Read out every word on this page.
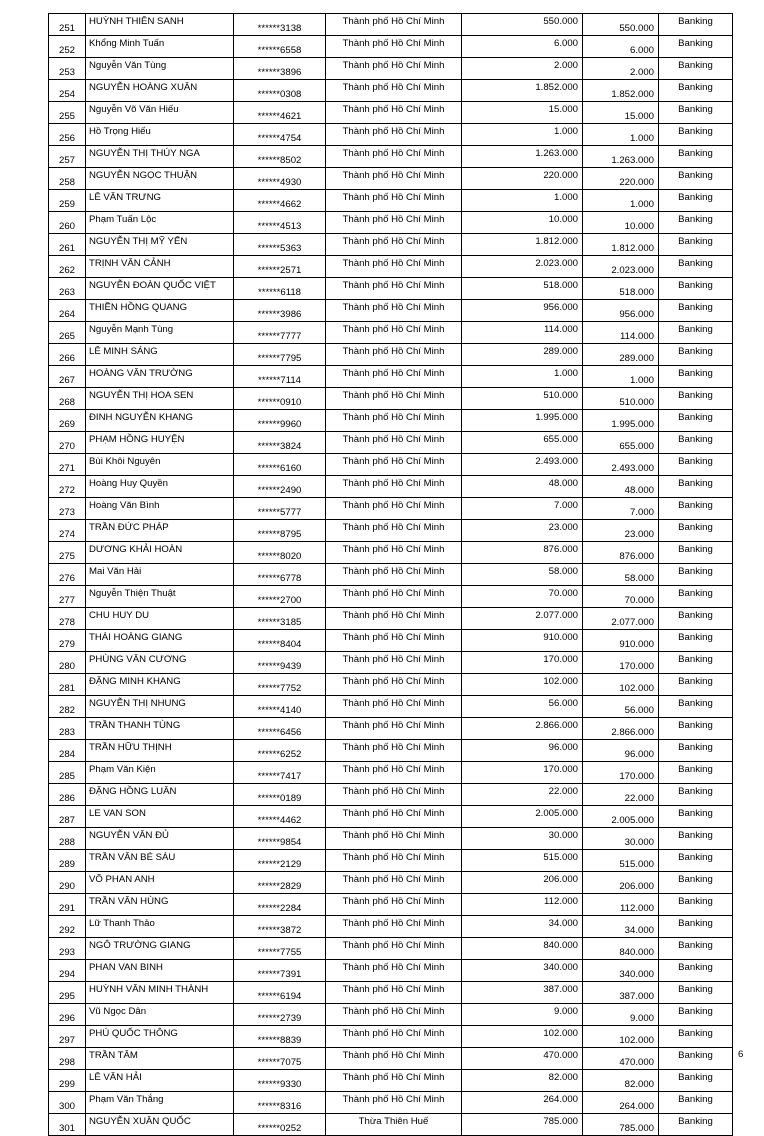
251	HUỲNH THIÊN SANH	******3138	Thành phố Hồ Chí Minh	550.000	550.000	Banking
252	Khổng Minh Tuấn	******6558	Thành phố Hồ Chí Minh	6.000	6.000	Banking
253	Nguyễn Văn Tùng	******3896	Thành phố Hồ Chí Minh	2.000	2.000	Banking
254	NGUYỄN HOÀNG XUÂN	******0308	Thành phố Hồ Chí Minh	1.852.000	1.852.000	Banking
255	Nguyễn Võ Văn Hiếu	******4621	Thành phố Hồ Chí Minh	15.000	15.000	Banking
256	Hồ Trọng Hiếu	******4754	Thành phố Hồ Chí Minh	1.000	1.000	Banking
257	NGUYỄN THỊ THÚY NGA	******8502	Thành phố Hồ Chí Minh	1.263.000	1.263.000	Banking
258	NGUYỄN NGỌC THUẬN	******4930	Thành phố Hồ Chí Minh	220.000	220.000	Banking
259	LÊ VĂN TRƯNG	******4662	Thành phố Hồ Chí Minh	1.000	1.000	Banking
260	Phạm Tuấn Lộc	******4513	Thành phố Hồ Chí Minh	10.000	10.000	Banking
261	NGUYỄN THỊ MỸ YẾN	******5363	Thành phố Hồ Chí Minh	1.812.000	1.812.000	Banking
262	TRỊNH VĂN CẢNH	******2571	Thành phố Hồ Chí Minh	2.023.000	2.023.000	Banking
263	NGUYỄN ĐOÀN QUỐC VIỆT	******6118	Thành phố Hồ Chí Minh	518.000	518.000	Banking
264	THIỀN HỒNG QUANG	******3986	Thành phố Hồ Chí Minh	956.000	956.000	Banking
265	Nguyễn Mạnh Tùng	******7777	Thành phố Hồ Chí Minh	114.000	114.000	Banking
266	LÊ MINH SÁNG	******7795	Thành phố Hồ Chí Minh	289.000	289.000	Banking
267	HOÀNG VĂN TRƯỜNG	******7114	Thành phố Hồ Chí Minh	1.000	1.000	Banking
268	NGUYỄN THỊ HOA SEN	******0910	Thành phố Hồ Chí Minh	510.000	510.000	Banking
269	ĐINH NGUYỄN KHANG	******9960	Thành phố Hồ Chí Minh	1.995.000	1.995.000	Banking
270	PHẠM HỒNG HUYỆN	******3824	Thành phố Hồ Chí Minh	655.000	655.000	Banking
271	Bùi Khôi Nguyên	******6160	Thành phố Hồ Chí Minh	2.493.000	2.493.000	Banking
272	Hoàng Huy Quyền	******2490	Thành phố Hồ Chí Minh	48.000	48.000	Banking
273	Hoàng Văn Bình	******5777	Thành phố Hồ Chí Minh	7.000	7.000	Banking
274	TRẦN ĐỨC PHÁP	******8795	Thành phố Hồ Chí Minh	23.000	23.000	Banking
275	DƯƠNG KHẢI HOÀN	******8020	Thành phố Hồ Chí Minh	876.000	876.000	Banking
276	Mai Văn Hải	******6778	Thành phố Hồ Chí Minh	58.000	58.000	Banking
277	Nguyễn Thiện Thuật	******2700	Thành phố Hồ Chí Minh	70.000	70.000	Banking
278	CHU HUY DU	******3185	Thành phố Hồ Chí Minh	2.077.000	2.077.000	Banking
279	THÁI HOÀNG GIANG	******8404	Thành phố Hồ Chí Minh	910.000	910.000	Banking
280	PHÙNG VĂN CƯƠNG	******9439	Thành phố Hồ Chí Minh	170.000	170.000	Banking
281	ĐẶNG MINH KHANG	******7752	Thành phố Hồ Chí Minh	102.000	102.000	Banking
282	NGUYỄN THỊ NHUNG	******4140	Thành phố Hồ Chí Minh	56.000	56.000	Banking
283	TRẦN THANH TÙNG	******6456	Thành phố Hồ Chí Minh	2.866.000	2.866.000	Banking
284	TRẦN HỮU THỊNH	******6252	Thành phố Hồ Chí Minh	96.000	96.000	Banking
285	Phạm Văn Kiện	******7417	Thành phố Hồ Chí Minh	170.000	170.000	Banking
286	ĐẶNG HỒNG LUÂN	******0189	Thành phố Hồ Chí Minh	22.000	22.000	Banking
287	LE VAN SON	******4462	Thành phố Hồ Chí Minh	2.005.000	2.005.000	Banking
288	NGUYỄN VĂN ĐỦ	******9854	Thành phố Hồ Chí Minh	30.000	30.000	Banking
289	TRẦN VĂN BÉ SÁU	******2129	Thành phố Hồ Chí Minh	515.000	515.000	Banking
290	VÕ PHAN ANH	******2829	Thành phố Hồ Chí Minh	206.000	206.000	Banking
291	TRẦN VĂN HÙNG	******2284	Thành phố Hồ Chí Minh	112.000	112.000	Banking
292	Lữ Thanh Thảo	******3872	Thành phố Hồ Chí Minh	34.000	34.000	Banking
293	NGÔ TRƯỜNG GIANG	******7755	Thành phố Hồ Chí Minh	840.000	840.000	Banking
294	PHAN VAN BINH	******7391	Thành phố Hồ Chí Minh	340.000	340.000	Banking
295	HUỲNH VĂN MINH THÀNH	******6194	Thành phố Hồ Chí Minh	387.000	387.000	Banking
296	Vũ Ngọc Dân	******2739	Thành phố Hồ Chí Minh	9.000	9.000	Banking
297	PHÚ QUỐC THÔNG	******8839	Thành phố Hồ Chí Minh	102.000	102.000	Banking
298	TRẦN TÂM	******7075	Thành phố Hồ Chí Minh	470.000	470.000	Banking
299	LÊ VĂN HẢI	******9330	Thành phố Hồ Chí Minh	82.000	82.000	Banking
300	Phạm Văn Thắng	******8316	Thành phố Hồ Chí Minh	264.000	264.000	Banking
301	NGUYỄN XUÂN QUỐC	******0252	Thừa Thiên Huế	785.000	785.000	Banking
6
